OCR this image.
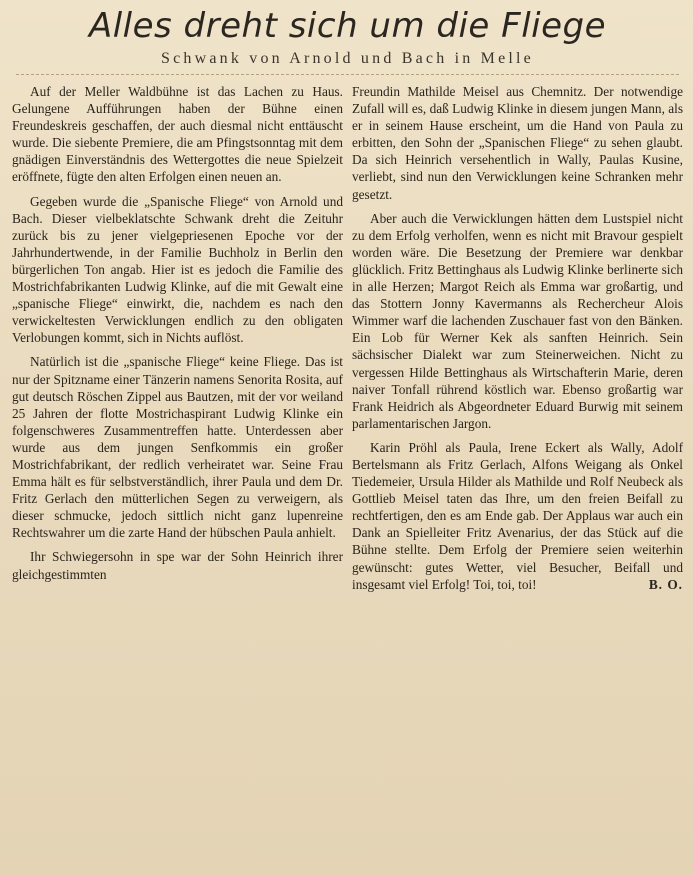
Alles dreht sich um die Fliege
Schwank von Arnold und Bach in Melle

Auf der Meller Waldbühne ist das Lachen zu Haus. Gelungene Aufführungen haben der Bühne einen Freundeskreis geschaffen, der auch diesmal nicht enttäuscht wurde. Die siebente Premiere, die am Pfingstsonntag mit dem gnädigen Einverständnis des Wettergottes die neue Spielzeit eröffnete, fügte den alten Erfolgen einen neuen an.

Gegeben wurde die „Spanische Fliege“ von Arnold und Bach. Dieser vielbeklatschte Schwank dreht die Zeituhr zurück bis zu jener vielgepriesenen Epoche vor der Jahrhundertwende, in der Familie Buchholz in Berlin den bürgerlichen Ton angab. Hier ist es jedoch die Familie des Mostrichfabrikanten Ludwig Klinke, auf die mit Gewalt eine „spanische Fliege“ einwirkt, die, nachdem es nach den verwickeltesten Verwicklungen endlich zu den obligaten Verlobungen kommt, sich in Nichts auflöst.

Natürlich ist die „spanische Fliege“ keine Fliege. Das ist nur der Spitzname einer Tänzerin namens Senorita Rosita, auf gut deutsch Röschen Zippel aus Bautzen, mit der vor weiland 25 Jahren der flotte Mostrichaspirant Ludwig Klinke ein folgenschweres Zusammentreffen hatte. Unterdessen aber wurde aus dem jungen Senfkommis ein großer Mostrichfabrikant, der redlich verheiratet war. Seine Frau Emma hält es für selbstverständlich, ihrer Paula und dem Dr. Fritz Gerlach den mütterlichen Segen zu verweigern, als dieser schmucke, jedoch sittlich nicht ganz lupenreine Rechtswahrer um die zarte Hand der hübschen Paula anhielt.

Ihr Schwiegersohn in spe war der Sohn Heinrich ihrer gleichgestimmten

Freundin Mathilde Meisel aus Chemnitz. Der notwendige Zufall will es, daß Ludwig Klinke in diesem jungen Mann, als er in seinem Hause erscheint, um die Hand von Paula zu erbitten, den Sohn der „Spanischen Fliege“ zu sehen glaubt. Da sich Heinrich versehentlich in Wally, Paulas Kusine, verliebt, sind nun den Verwicklungen keine Schranken mehr gesetzt.

Aber auch die Verwicklungen hätten dem Lustspiel nicht zu dem Erfolg verholfen, wenn es nicht mit Bravour gespielt worden wäre. Die Besetzung der Premiere war denkbar glücklich. Fritz Bettinghaus als Ludwig Klinke berlinerte sich in alle Herzen; Margot Reich als Emma war großartig, und das Stottern Jonny Kavermanns als Rechercheur Alois Wimmer warf die lachenden Zuschauer fast von den Bänken. Ein Lob für Werner Kek als sanften Heinrich. Sein sächsischer Dialekt war zum Steinerweichen. Nicht zu vergessen Hilde Bettinghaus als Wirtschafterin Marie, deren naiver Tonfall rührend köstlich war. Ebenso großartig war Frank Heidrich als Abgeordneter Eduard Burwig mit seinem parlamentarischen Jargon.

Karin Pröhl als Paula, Irene Eckert als Wally, Adolf Bertelsmann als Fritz Gerlach, Alfons Weigang als Onkel Tiedemeier, Ursula Hilder als Mathilde und Rolf Neubeck als Gottlieb Meisel taten das Ihre, um den freien Beifall zu rechtfertigen, den es am Ende gab. Der Applaus war auch ein Dank an Spielleiter Fritz Avenarius, der das Stück auf die Bühne stellte. Dem Erfolg der Premiere seien weiterhin gewünscht: gutes Wetter, viel Besucher, Beifall und insgesamt viel Erfolg! Toi, toi, toi!	B. O.
